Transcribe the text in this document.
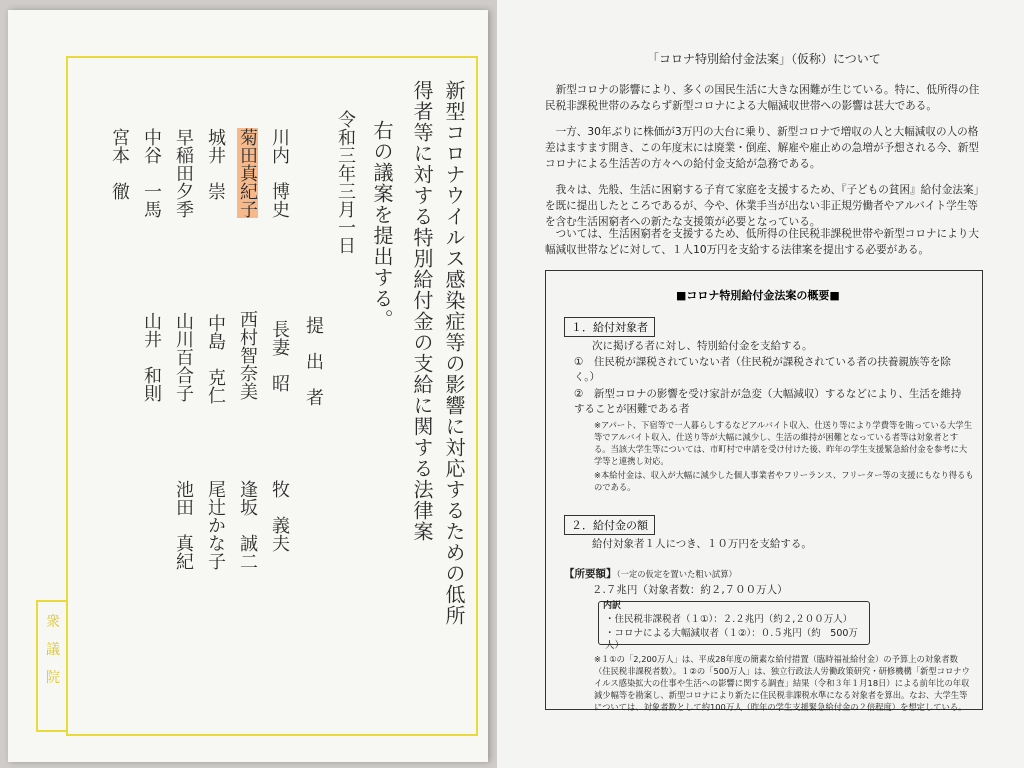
衆議院
新型コロナウイルス感染症等の影響に対応するための低所
得者等に対する特別給付金の支給に関する法律案
右の議案を提出する。
令和三年三月一日
提　出　者
川内　博史
長妻　昭
牧　義夫
菊田真紀子
西村智奈美
逢坂　誠二
城井　崇
中島　克仁
尾辻かな子
早稲田夕季
山川百合子
池田　真紀
中谷　一馬
山井　和則
宮本　徹
「コロナ特別給付金法案」（仮称）について
新型コロナの影響により、多くの国民生活に大きな困難が生じている。特に、低所得の住民税非課税世帯のみならず新型コロナによる大幅減収世帯への影響は甚大である。
一方、30年ぶりに株価が3万円の大台に乗り、新型コロナで増収の人と大幅減収の人の格差はますます開き、この年度末には廃業・倒産、解雇や雇止めの急増が予想される今、新型コロナによる生活苦の方々への給付金支給が急務である。
我々は、先般、生活に困窮する子育て家庭を支援するため、『子どもの貧困』給付金法案」を既に提出したところであるが、今や、休業手当が出ない非正規労働者やアルバイト学生等を含む生活困窮者への新たな支援策が必要となっている。
ついては、生活困窮者を支援するため、低所得の住民税非課税世帯や新型コロナにより大幅減収世帯などに対して、１人10万円を支給する法律案を提出する必要がある。
■コロナ特別給付金法案の概要■
１．給付対象者
次に掲げる者に対し、特別給付金を支給する。
①　住民税が課税されていない者（住民税が課税されている者の扶養親族等を除く。）
②　新型コロナの影響を受け家計が急変（大幅減収）するなどにより、生活を維持することが困難である者
※アパート、下宿等で一人暮らしするなどアルバイト収入、仕送り等により学費等を賄っている大学生等でアルバイト収入、仕送り等が大幅に減少し、生活の維持が困難となっている者等は対象者とする。当該大学生等については、市町村で申請を受け付けた後、昨年の学生支援緊急給付金を参考に大学等と連携し対応。
※本給付金は、収入が大幅に減少した個人事業者やフリーランス、フリーター等の支援にもなり得るものである。
２．給付金の額
給付対象者１人につき、１０万円を支給する。
【所要額】（一定の仮定を置いた粗い試算）
２.７兆円（対象者数：約２,７００万人）
内訳
・住民税非課税者（１①）：２.２兆円（約２,２００万人）
・コロナによる大幅減収者（１②）：０.５兆円（約　500万人）
※１①の「2,200万人」は、平成28年度の簡素な給付措置（臨時福祉給付金）の予算上の対象者数（住民税非課税者数）。１②の「500万人」は、独立行政法人労働政策研究・研修機構「新型コロナウイルス感染拡大の仕事や生活への影響に関する調査」結果（令和３年１月18日）による前年比の年収減少幅等を勘案し、新型コロナにより新たに住民税非課税水準になる対象者を算出。なお、大学生等については、対象者数として約100万人（昨年の学生支援緊急給付金の２倍程度）を想定している。
